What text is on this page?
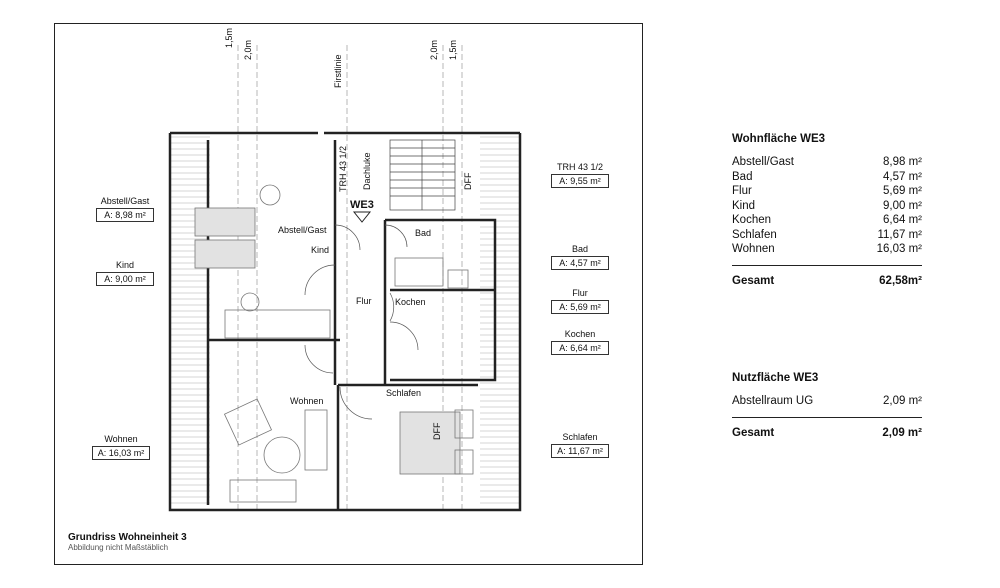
1,5m
2,0m
Firstlinie
2,0m 1,5m
TRH 43 1/2 Dachluke	DFF
WE3
Abstell/Gast
Kind
Bad
Flur	Kochen
Wohnen
Schlafen
DFF
Abstell/Gast
A: 8,98 m²
Kind
A: 9,00 m²
Wohnen
A: 16,03 m²
TRH 43 1/2
A: 9,55 m²
Bad
A: 4,57 m²
Flur
A: 5,69 m²
Kochen
A: 6,64 m²
Schlafen
A: 11,67 m²
Grundriss Wohneinheit 3
Abbildung nicht Maßstäblich
Wohnfläche WE3
Abstell/Gast	8,98 m²
Bad	4,57 m²
Flur	5,69 m²
Kind	9,00 m²
Kochen	6,64 m²
Schlafen	11,67 m²
Wohnen	16,03 m²
Gesamt	62,58m²
Nutzfläche WE3
Abstellraum UG	2,09 m²
Gesamt	2,09 m²
